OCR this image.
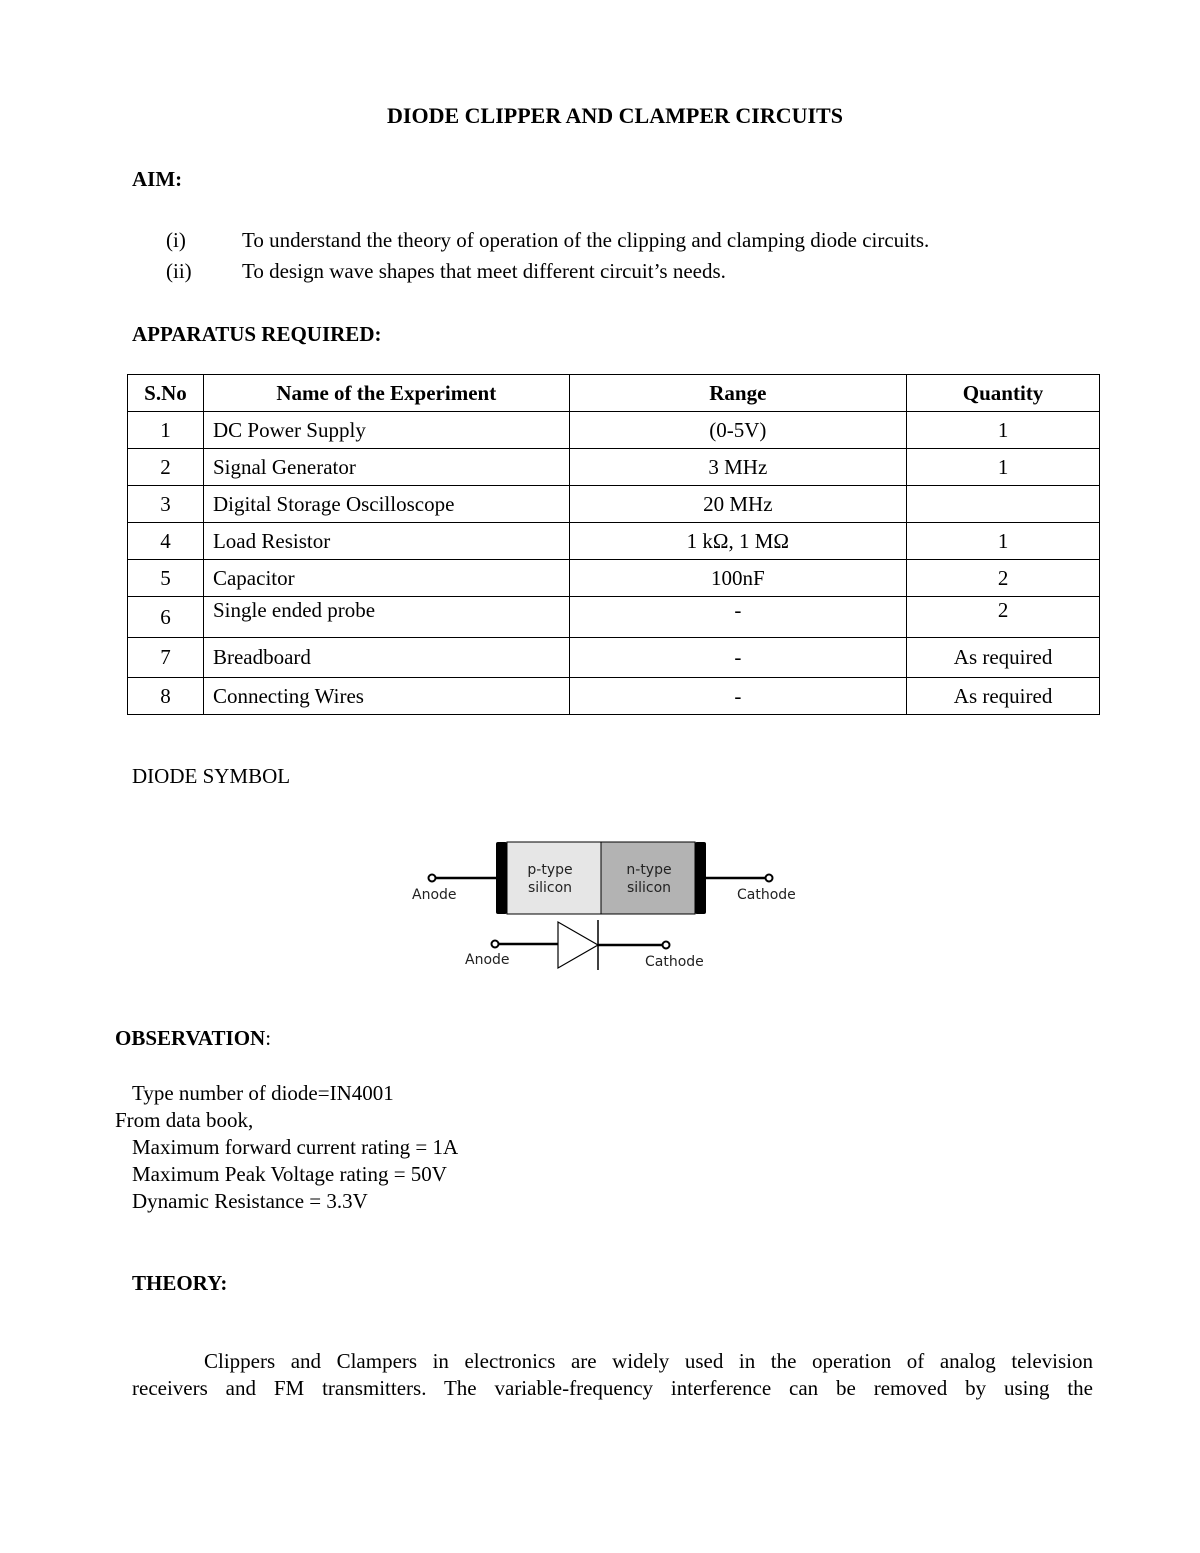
DIODE CLIPPER AND CLAMPER CIRCUITS
AIM:
(i)	To understand the theory of operation of the clipping and clamping diode circuits.
(ii) To design wave shapes that meet different circuit’s needs.
APPARATUS REQUIRED:
S.No	Name of the Experiment	Range	Quantity
1	DC Power Supply	(0-5V)	1
2	Signal Generator	3 MHz	1
3	Digital Storage Oscilloscope	20 MHz	
4	Load Resistor	1 kΩ, 1 MΩ	1
5	Capacitor	100nF	2
6	Single ended probe	-	2
7	Breadboard	-	As required
8	Connecting Wires	-	As required
DIODE SYMBOL
p-type
silicon
n-type
silicon
Anode	Cathode
Anode	Cathode
OBSERVATION:
Type number of diode=IN4001
From data book,
Maximum forward current rating = 1A
Maximum Peak Voltage rating = 50V
Dynamic Resistance = 3.3V
THEORY:
Clippers and Clampers in electronics are widely used in the operation of analog television
receivers and FM transmitters. The variable-frequency interference can be removed by using the
